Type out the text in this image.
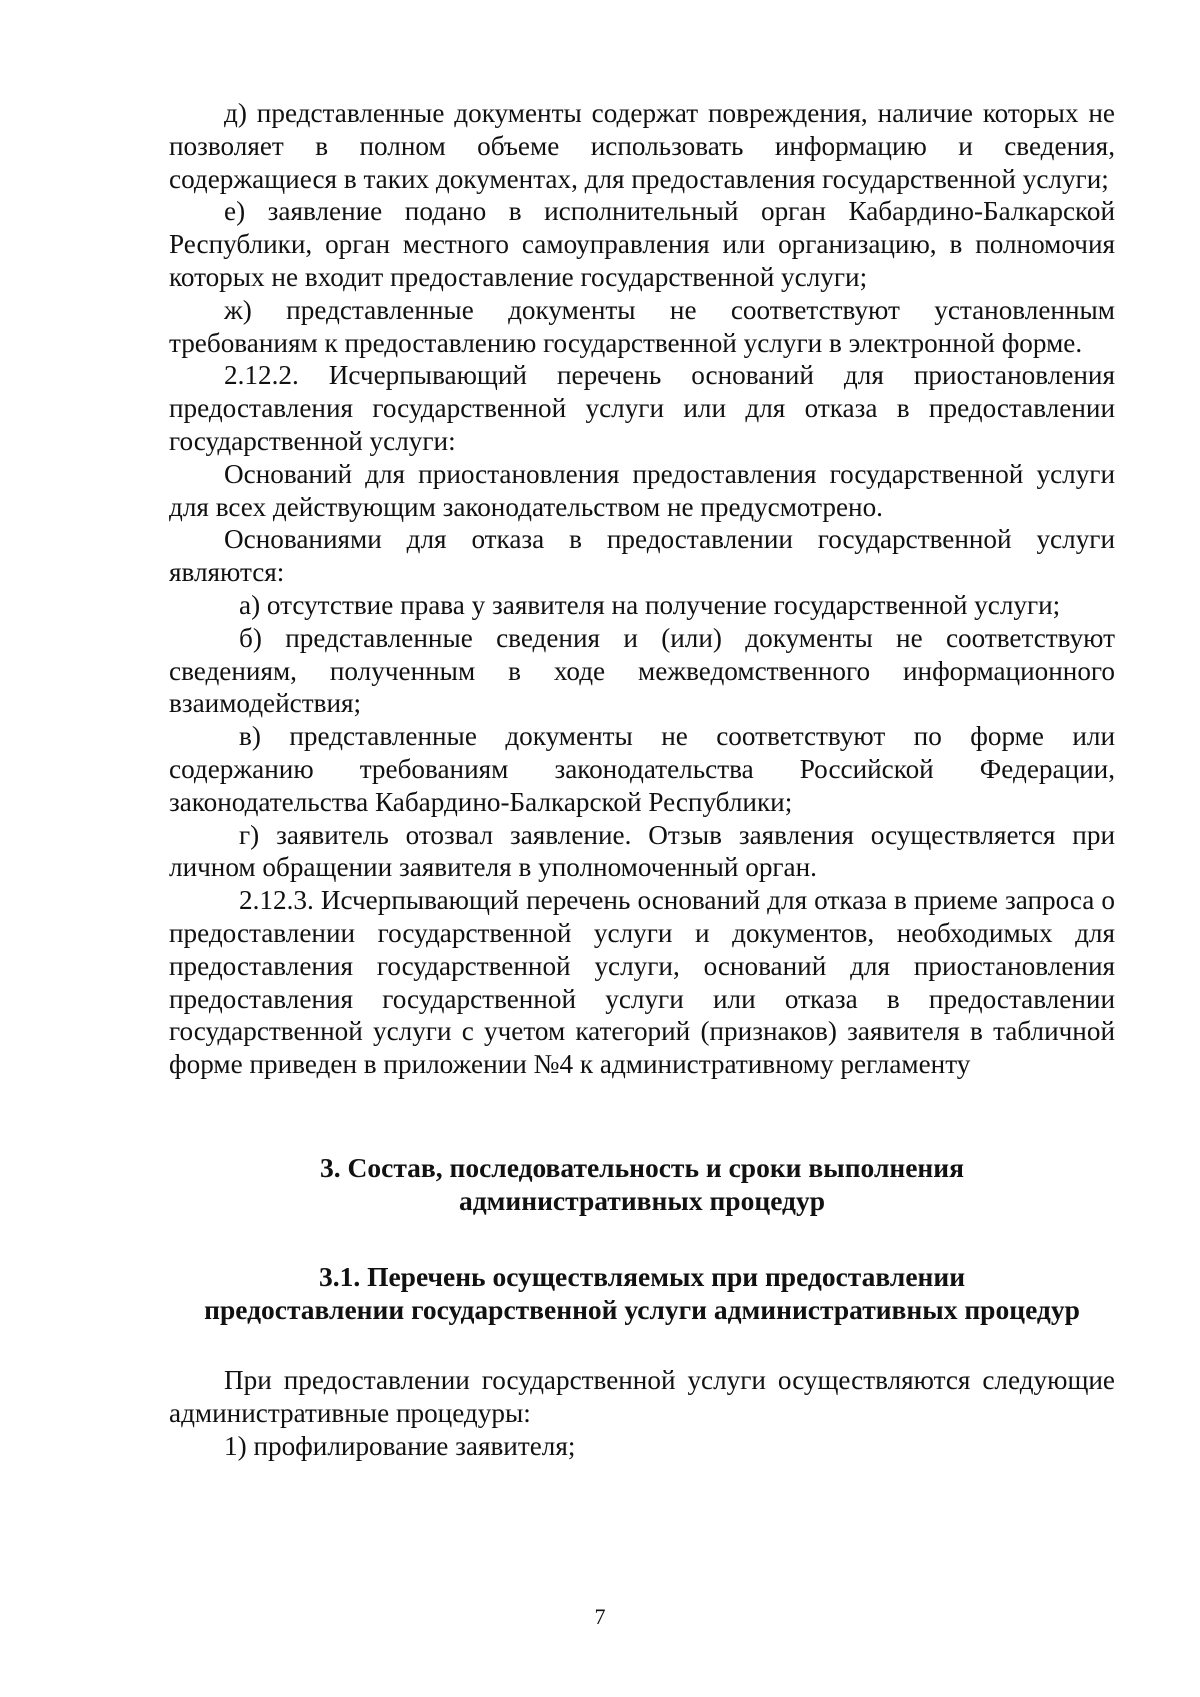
д) представленные документы содержат повреждения, наличие которых не позволяет в полном объеме использовать информацию и сведения, содержащиеся в таких документах, для предоставления государственной услуги;

е) заявление подано в исполнительный орган Кабардино-Балкарской Республики, орган местного самоуправления или организацию, в полномочия которых не входит предоставление государственной услуги;

ж) представленные документы не соответствуют установленным требованиям к предоставлению государственной услуги в электронной форме.

2.12.2. Исчерпывающий перечень оснований для приостановления предоставления государственной услуги или для отказа в предоставлении государственной услуги:

Оснований для приостановления предоставления государственной услуги для всех действующим законодательством не предусмотрено.

Основаниями для отказа в предоставлении государственной услуги являются:

а) отсутствие права у заявителя на получение государственной услуги;

б) представленные сведения и (или) документы не соответствуют сведениям, полученным в ходе межведомственного информационного взаимодействия;

в) представленные документы не соответствуют по форме или содержанию требованиям законодательства Российской Федерации, законодательства Кабардино-Балкарской Республики;

г) заявитель отозвал заявление. Отзыв заявления осуществляется при личном обращении заявителя в уполномоченный орган.

2.12.3. Исчерпывающий перечень оснований для отказа в приеме запроса о предоставлении государственной услуги и документов, необходимых для предоставления государственной услуги, оснований для приостановления предоставления государственной услуги или отказа в предоставлении государственной услуги с учетом категорий (признаков) заявителя в табличной форме приведен в приложении №4 к административному регламенту

3. Состав, последовательность и сроки выполнения
административных процедур
3.1. Перечень осуществляемых при предоставлении
предоставлении государственной услуги административных процедур

При предоставлении государственной услуги осуществляются следующие административные процедуры:

1) профилирование заявителя;

7
